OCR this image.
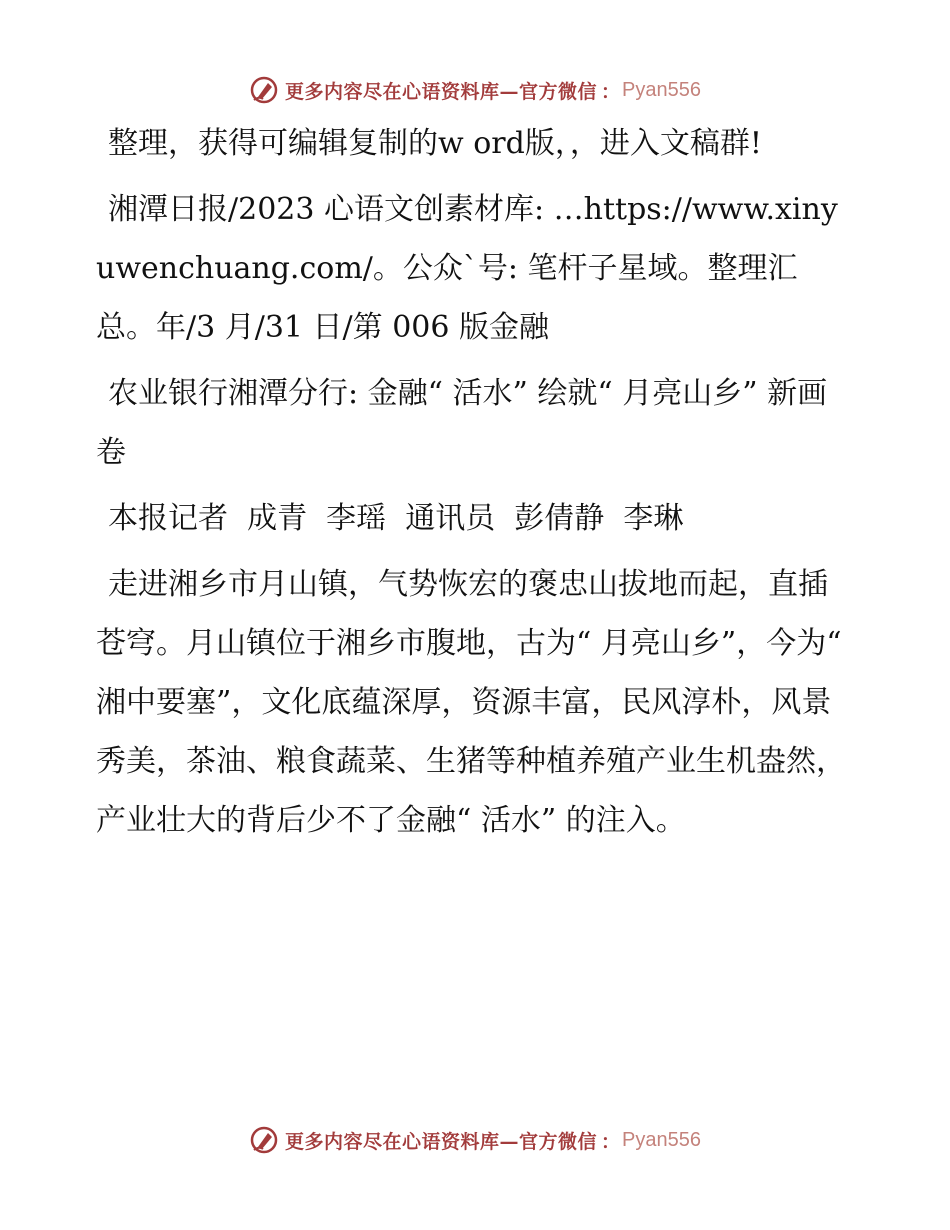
更多内容尽在心语资料库—官方微信 ： Pyan556

整理，获得可编辑复制的w ord版，，进入文稿群!

湘潭日报/2023 心语文创素材库: …https://www.xinyuwenchuang.com/。公众`号: 笔杆子星域。整理汇总。年/3 月/31 日/第 006 版金融

农业银行湘潭分行: 金融“ 活水” 绘就“ 月亮山乡” 新画卷

本报记者  成青  李瑶  通讯员  彭倩静  李琳

走进湘乡市月山镇，气势恢宏的褒忠山拔地而起，直插苍穹。月山镇位于湘乡市腹地，古为“ 月亮山乡”，今为“ 湘中要塞”，文化底蕴深厚，资源丰富，民风淳朴，风景秀美，茶油、粮食蔬菜、生猪等种植养殖产业生机盎然，产业壮大的背后少不了金融“ 活水” 的注入。

更多内容尽在心语资料库—官方微信 ： Pyan556
